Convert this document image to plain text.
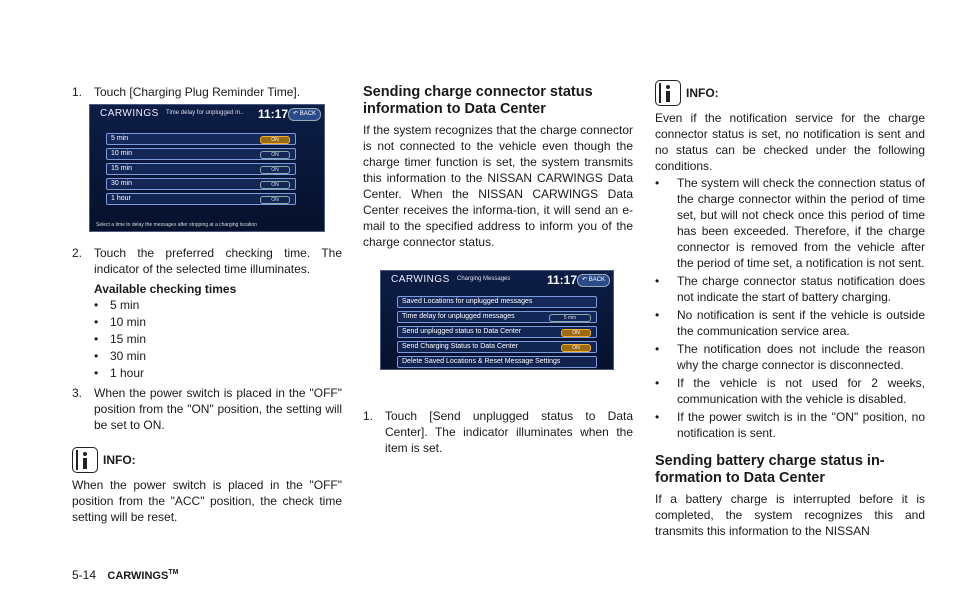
1. Touch [Charging Plug Reminder Time].
CARWINGS Time delay for unplugged m.. 11:17 ↶ BACK
5 min	ON
10 min	ON
15 min	ON
30 min	ON
1 hour	ON
Select a time to delay the messages after stopping at a charging location
2. Touch the preferred checking time. The indicator of the selected time illuminates.
Available checking times
•
5 min
•
10 min
•
15 min
•
30 min
•
1 hour
3. When the power switch is placed in the "OFF" position from the "ON" position, the setting will be set to ON.
INFO:
When the power switch is placed in the "OFF" position from the "ACC" position, the check time setting will be reset.
Sending charge connector status information to Data Center
If the system recognizes that the charge connector is not connected to the vehicle even though the charge timer function is set, the system transmits this information to the NISSAN CARWINGS Data Center. When the NISSAN CARWINGS Data Center receives the informa-tion, it will send an e-mail to the specified address to inform you of the charge connector status.
CARWINGS Charging Messages	11:17 ↶ BACK
Saved Locations for unplugged messages
Time delay for unplugged messages	5 min
Send unplugged status to Data Center	ON
Send Charging Status to Data Center	ON
Delete Saved Locations & Reset Message Settings
1. Touch [Send unplugged status to Data Center]. The indicator illuminates when the item is set.
INFO:
Even if the notification service for the charge connector status is set, no notification is sent and no status can be checked under the following conditions.
•
The system will check the connection status of the charge connector within the period of time set, but will not check once this period of time has been exceeded. Therefore, if the charge connector is removed from the vehicle after the period of time set, a notification is not sent.
•
The charge connector status notification does not indicate the start of battery charging.
•
No notification is sent if the vehicle is outside the communication service area.
•
The notification does not include the reason why the charge connector is disconnected.
•
If the vehicle is not used for 2 weeks, communication with the vehicle is disabled.
•
If the power switch is in the "ON" position, no notification is sent.
Sending battery charge status in-formation to Data Center
If a battery charge is interrupted before it is completed, the system recognizes this and transmits this information to the NISSAN
5-14 CARWINGS™
